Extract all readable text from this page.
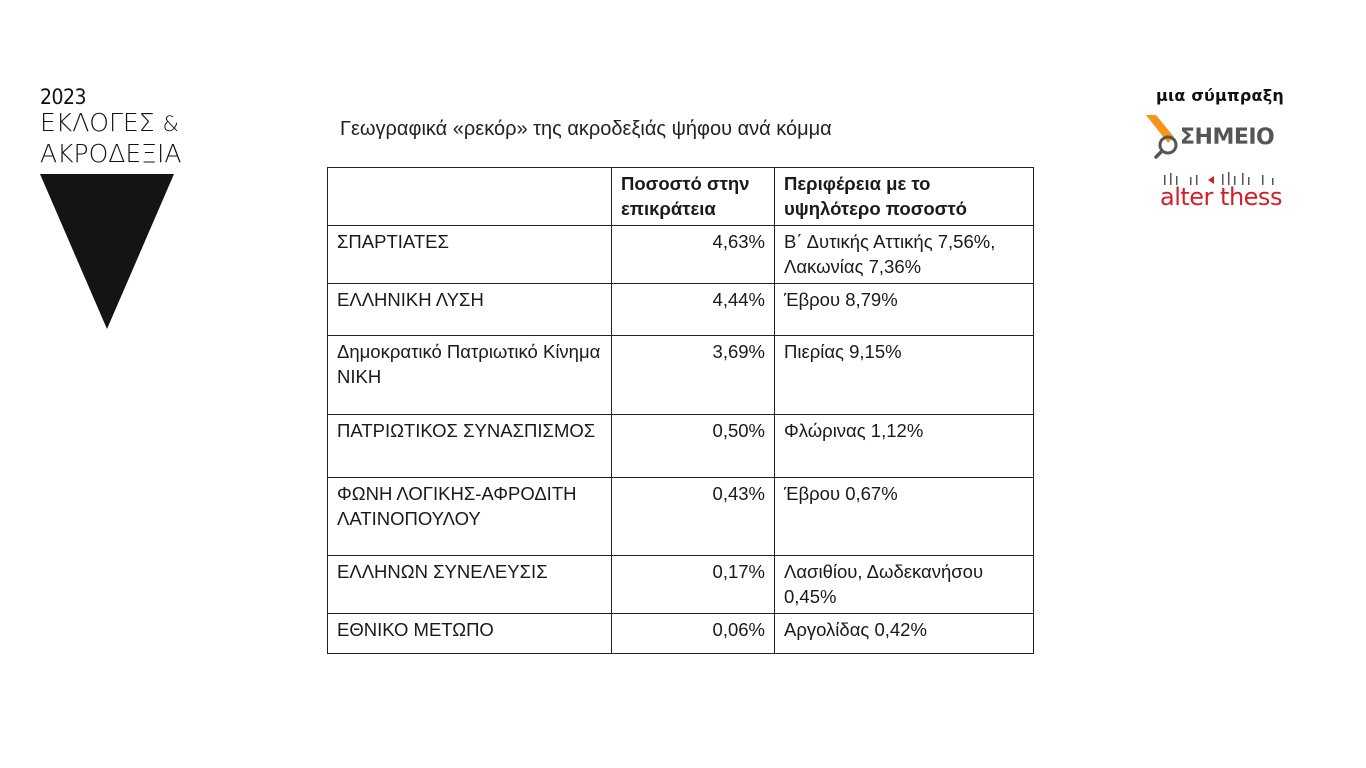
2023
ΕΚΛΟΓΕΣ &
ΑΚΡΟΔΕΞΙΑ
Γεωγραφικά «ρεκόρ» της ακροδεξιάς ψήφου ανά κόμμα
	Ποσοστό στην επικράτεια	Περιφέρεια με το υψηλότερο ποσοστό
ΣΠΑΡΤΙΑΤΕΣ	4,63%	Β΄ Δυτικής Αττικής 7,56%, Λακωνίας 7,36%
ΕΛΛΗΝΙΚΗ ΛΥΣΗ	4,44%	Έβρου 8,79%
Δημοκρατικό Πατριωτικό Κίνημα ΝΙΚΗ	3,69%	Πιερίας 9,15%
ΠΑΤΡΙΩΤΙΚΟΣ ΣΥΝΑΣΠΙΣΜΟΣ	0,50%	Φλώρινας 1,12%
ΦΩΝΗ ΛΟΓΙΚΗΣ-ΑΦΡΟΔΙΤΗ ΛΑΤΙΝΟΠΟΥΛΟΥ	0,43%	Έβρου 0,67%
ΕΛΛΗΝΩΝ ΣΥΝΕΛΕΥΣΙΣ	0,17%	Λασιθίου, Δωδεκανήσου 0,45%
ΕΘΝΙΚΟ ΜΕΤΩΠΟ	0,06%	Αργολίδας 0,42%
μια σύμπραξη
ΣΗΜΕΙΟ
alter thess
